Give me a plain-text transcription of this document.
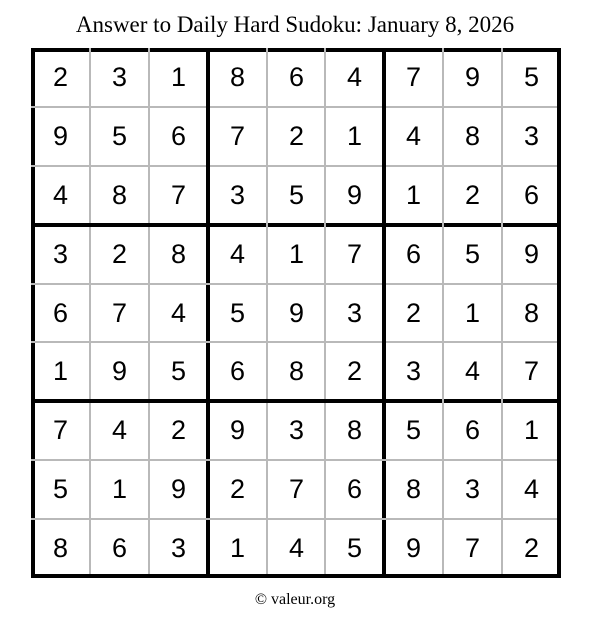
Answer to Daily Hard Sudoku: January 8, 2026
2	3	1	8	6	4	7	9	5
9	5	6	7	2	1	4	8	3
4	8	7	3	5	9	1	2	6
3	2	8	4	1	7	6	5	9
6	7	4	5	9	3	2	1	8
1	9	5	6	8	2	3	4	7
7	4	2	9	3	8	5	6	1
5	1	9	2	7	6	8	3	4
8	6	3	1	4	5	9	7	2
© valeur.org
